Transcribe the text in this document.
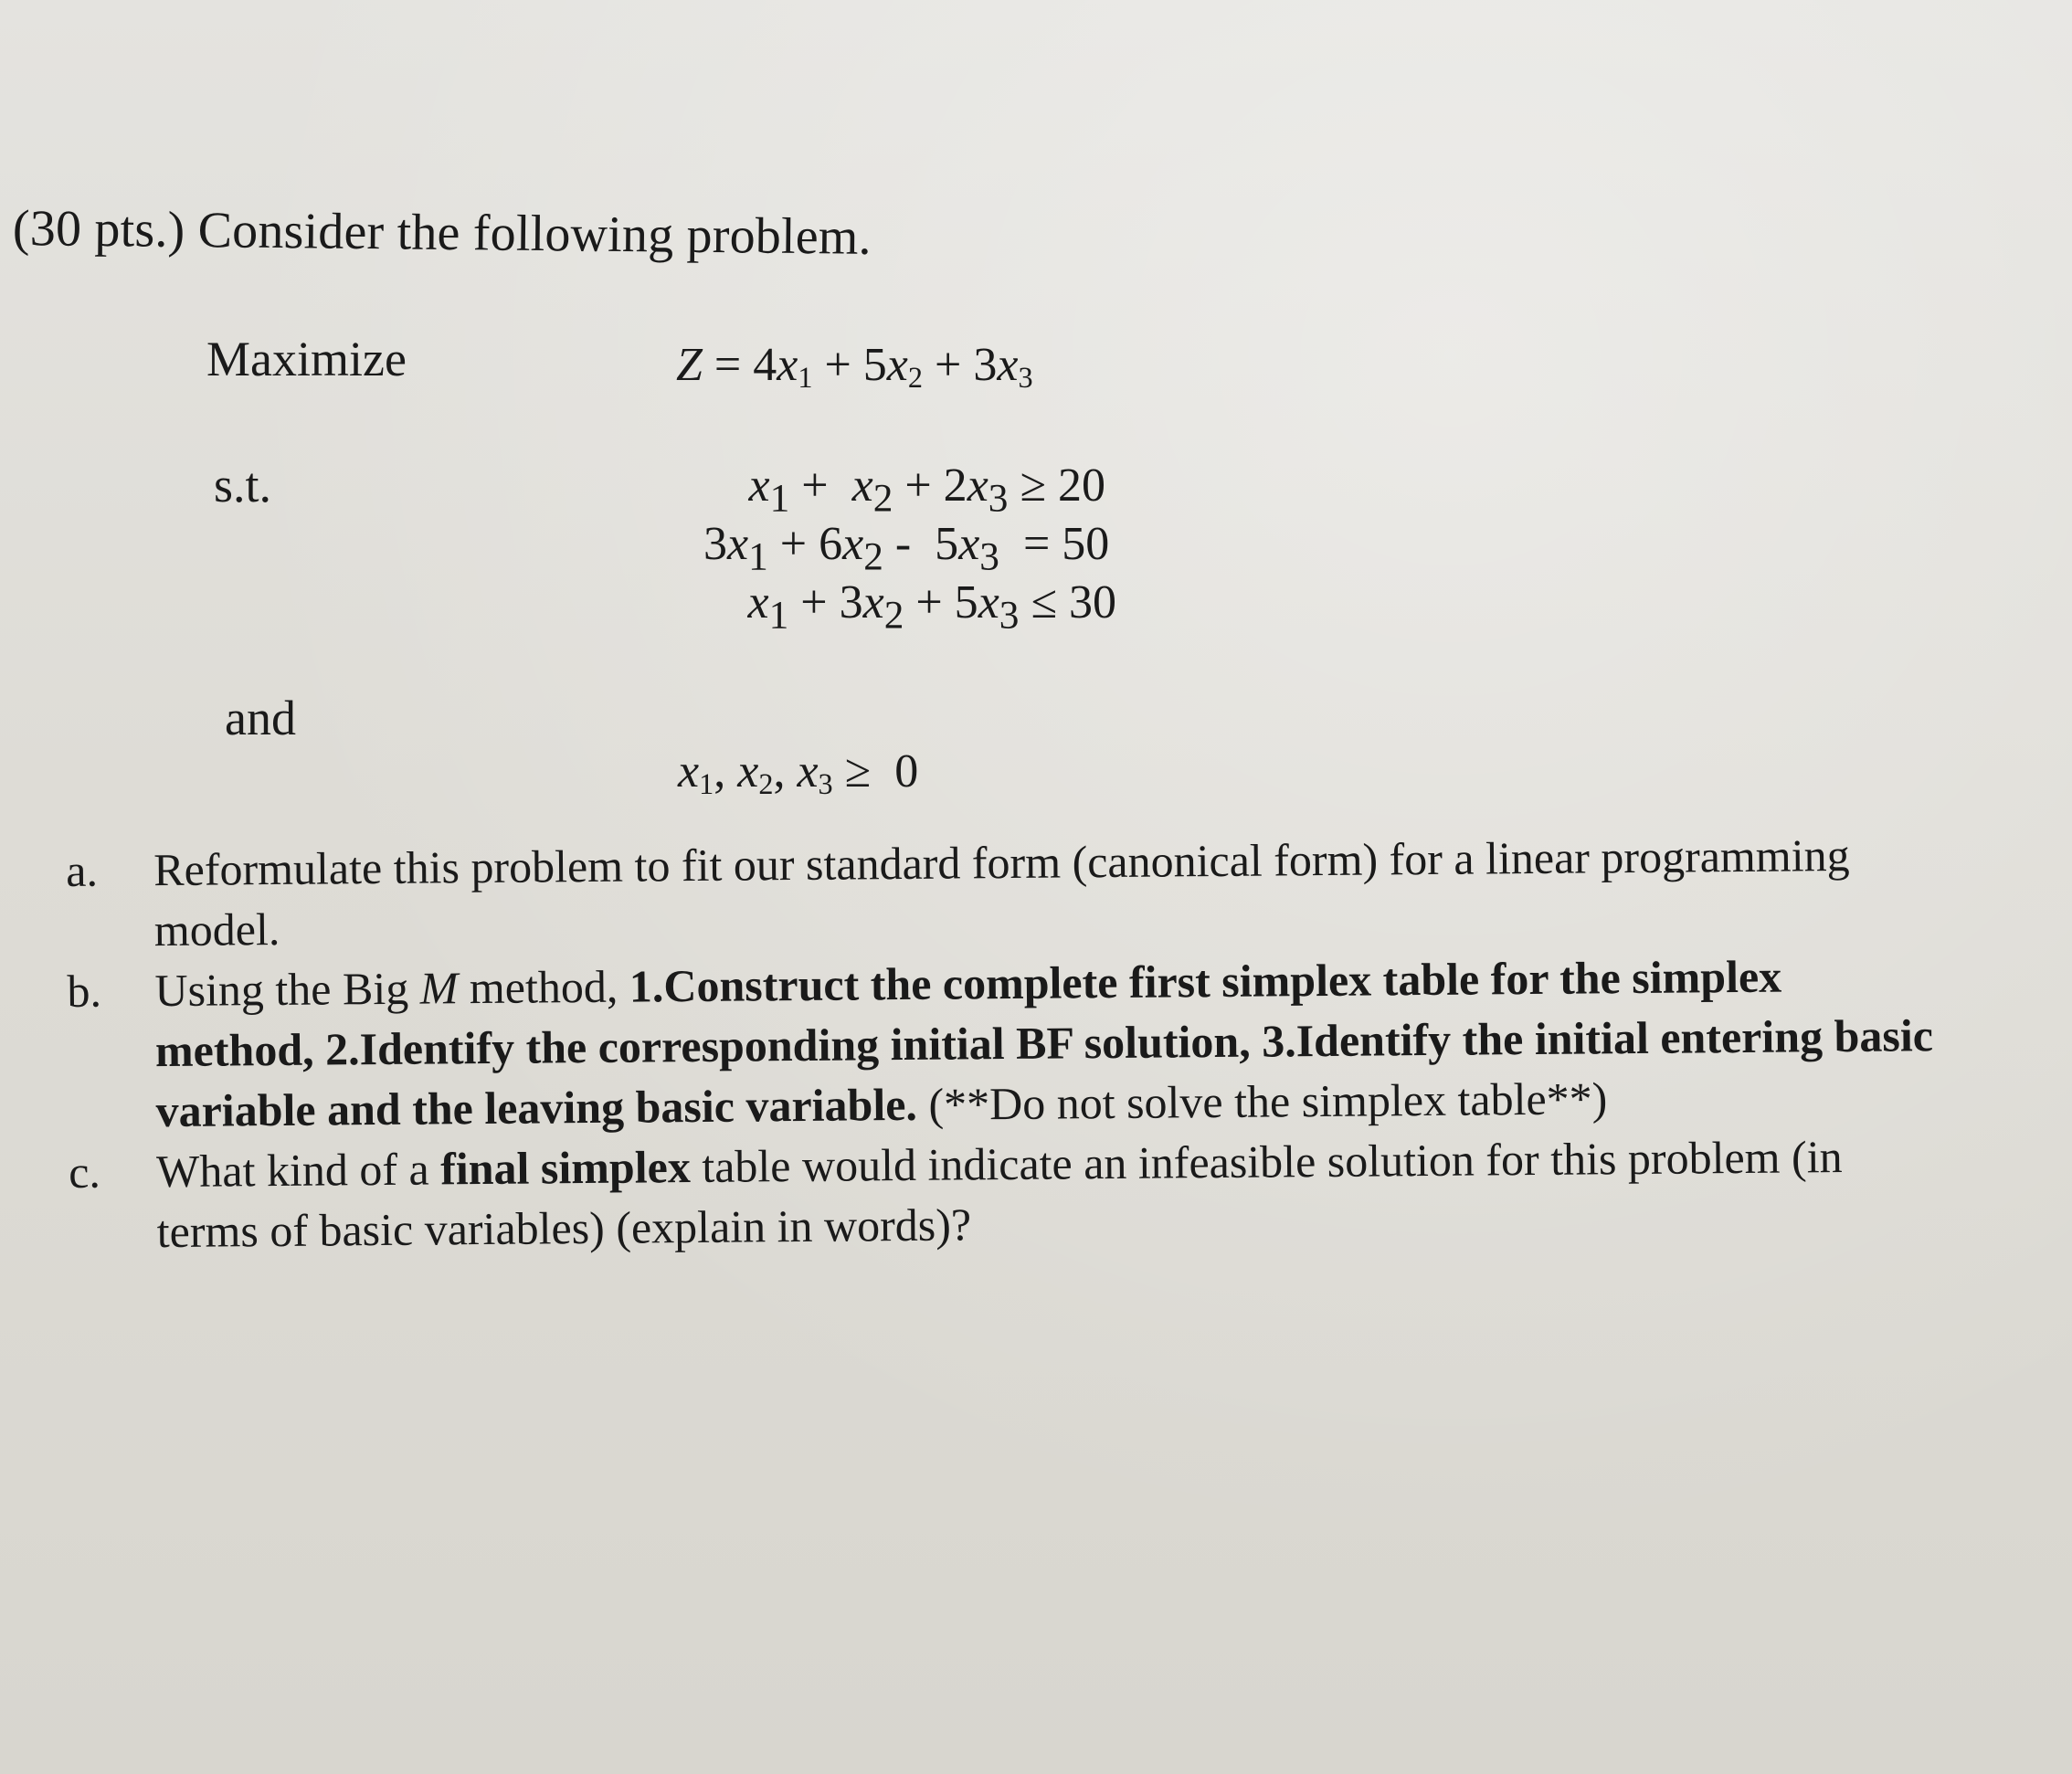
(30 pts.) Consider the following problem.
Maximize	$Z = 4x_1 + 5x_2 + 3x_3$
s.t.	$x_1 + x_2 + 2x_3 \ge 20$
$3x_1 + 6x_2 - 5x_3 = 50$
$x_1 + 3x_2 + 5x_3 \le 30$
and
$x_1$, $x_2$, $x_3 \ge 0$
a. Reformulate this problem to fit our standard form (canonical form) for a linear programming model.
b. Using the Big M method, 1.Construct the complete first simplex table for the simplex method, 2.Identify the corresponding initial BF solution, 3.Identify the initial entering basic variable and the leaving basic variable. (**Do not solve the simplex table**)
c. What kind of a final simplex table would indicate an infeasible solution for this problem (in terms of basic variables) (explain in words)?
